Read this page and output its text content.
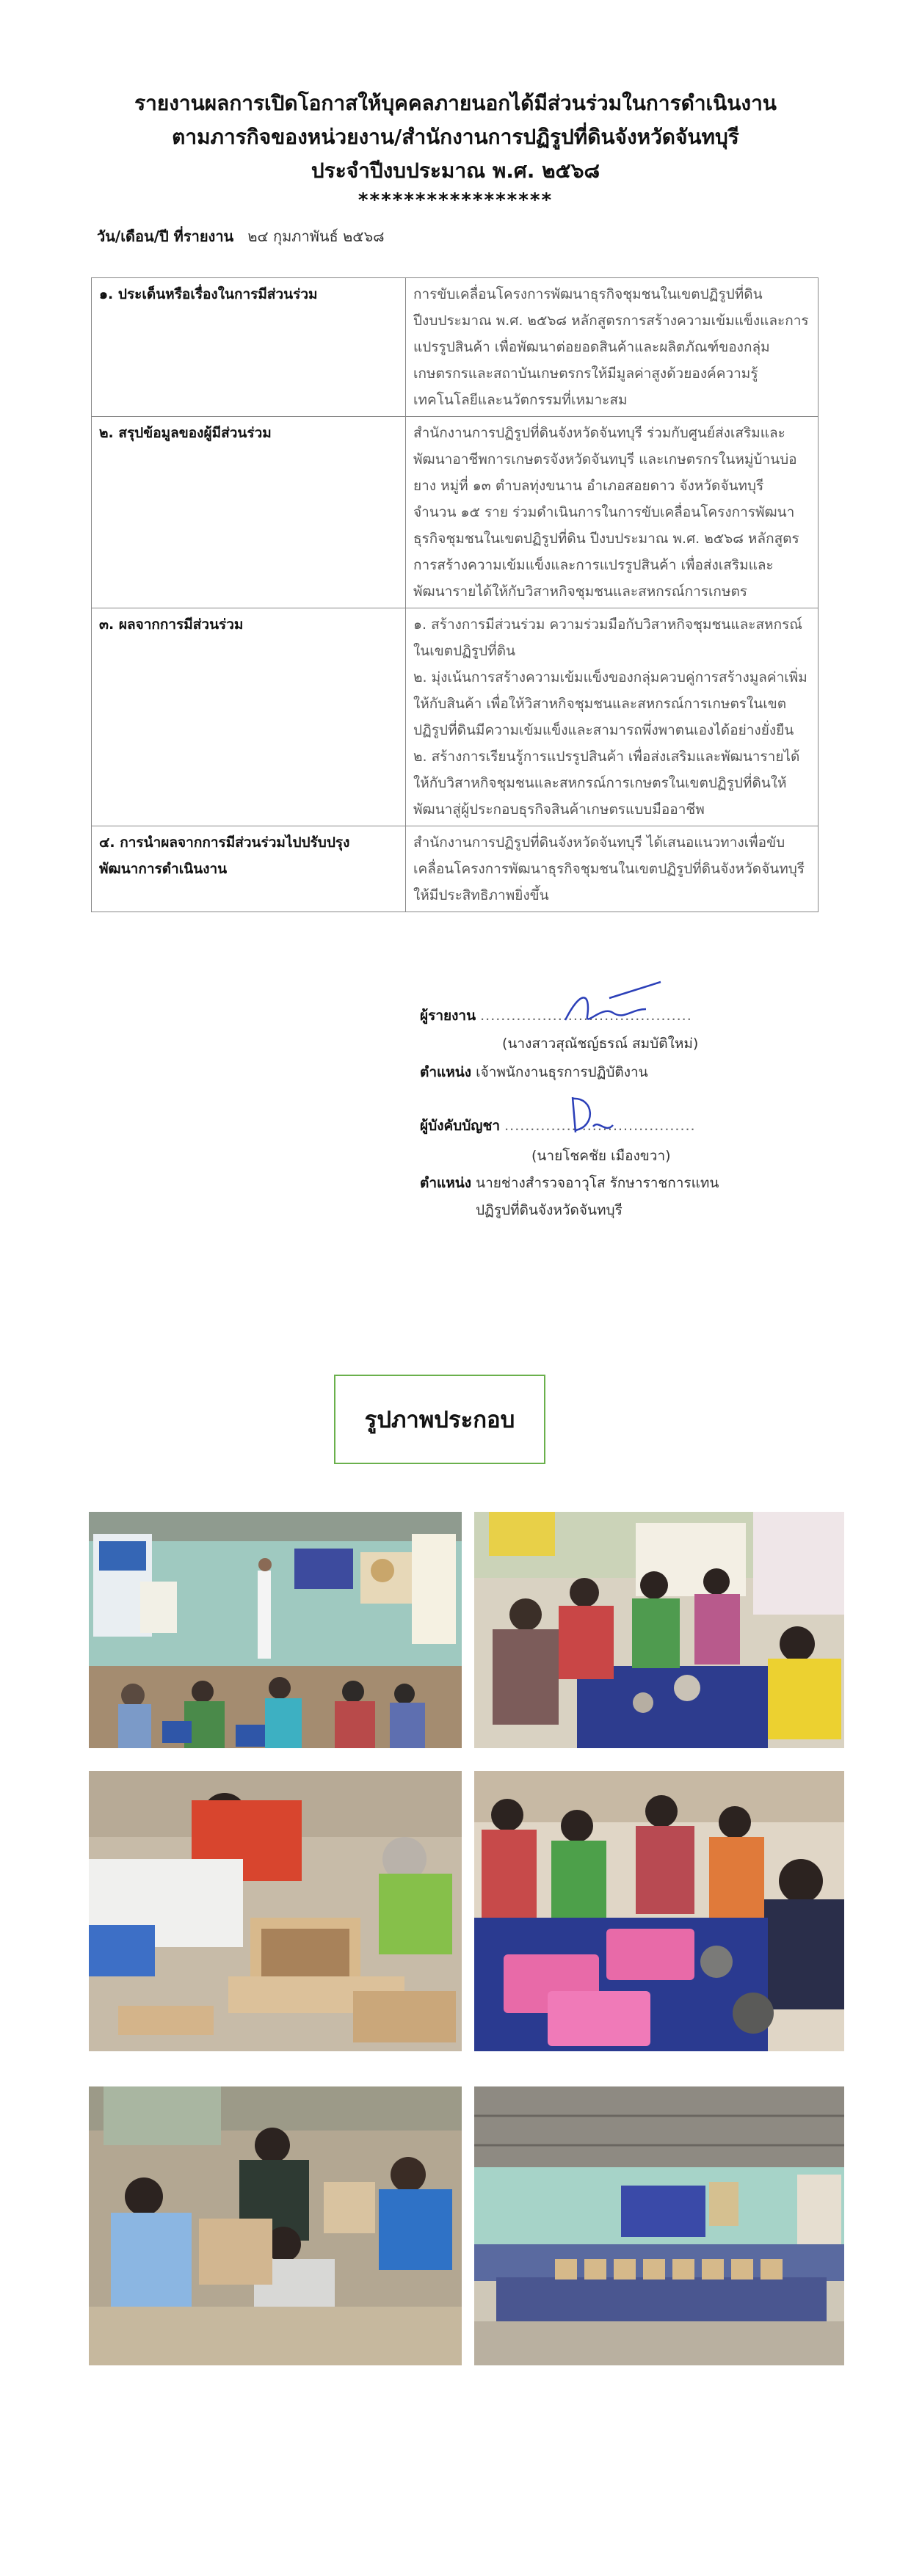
รายงานผลการเปิดโอกาสให้บุคคลภายนอกได้มีส่วนร่วมในการดำเนินงาน
ตามภารกิจของหน่วยงาน/สำนักงานการปฏิรูปที่ดินจังหวัดจันทบุรี
ประจำปีงบประมาณ พ.ศ. ๒๕๖๘
*****************
วัน/เดือน/ปี ที่รายงาน ๒๔ กุมภาพันธ์ ๒๕๖๘
๑. ประเด็นหรือเรื่องในการมีส่วนร่วม	การขับเคลื่อนโครงการพัฒนาธุรกิจชุมชนในเขตปฏิรูปที่ดิน ปีงบประมาณ พ.ศ. ๒๕๖๘ หลักสูตรการสร้างความเข้มแข็งและการแปรรูปสินค้า เพื่อพัฒนาต่อยอดสินค้าและผลิตภัณฑ์ของกลุ่มเกษตรกรและสถาบันเกษตรกรให้มีมูลค่าสูงด้วยองค์ความรู้เทคโนโลยีและนวัตกรรมที่เหมาะสม

๒. สรุปข้อมูลของผู้มีส่วนร่วม	สำนักงานการปฏิรูปที่ดินจังหวัดจันทบุรี ร่วมกับศูนย์ส่งเสริมและพัฒนาอาชีพการเกษตรจังหวัดจันทบุรี และเกษตรกรในหมู่บ้านบ่อยาง หมู่ที่ ๑๓ ตำบลทุ่งขนาน อำเภอสอยดาว จังหวัดจันทบุรี จำนวน ๑๕ ราย ร่วมดำเนินการในการขับเคลื่อนโครงการพัฒนาธุรกิจชุมชนในเขตปฏิรูปที่ดิน ปีงบประมาณ พ.ศ. ๒๕๖๘ หลักสูตรการสร้างความเข้มแข็งและการแปรรูปสินค้า เพื่อส่งเสริมและพัฒนารายได้ให้กับวิสาหกิจชุมชนและสหกรณ์การเกษตร

๓. ผลจากการมีส่วนร่วม	๑. สร้างการมีส่วนร่วม ความร่วมมือกับวิสาหกิจชุมชนและสหกรณ์ในเขตปฏิรูปที่ดิน

๒. มุ่งเน้นการสร้างความเข้มแข็งของกลุ่มควบคู่การสร้างมูลค่าเพิ่มให้กับสินค้า เพื่อให้วิสาหกิจชุมชนและสหกรณ์การเกษตรในเขตปฏิรูปที่ดินมีความเข้มแข็งและสามารถพึ่งพาตนเองได้อย่างยั่งยืน

๒. สร้างการเรียนรู้การแปรรูปสินค้า เพื่อส่งเสริมและพัฒนารายได้ให้กับวิสาหกิจชุมชนและสหกรณ์การเกษตรในเขตปฏิรูปที่ดินให้พัฒนาสู่ผู้ประกอบธุรกิจสินค้าเกษตรแบบมืออาชีพ

๔. การนำผลจากการมีส่วนร่วมไปปรับปรุงพัฒนาการดำเนินงาน	สำนักงานการปฏิรูปที่ดินจังหวัดจันทบุรี ได้เสนอแนวทางเพื่อขับเคลื่อนโครงการพัฒนาธุรกิจชุมชนในเขตปฏิรูปที่ดินจังหวัดจันทบุรี ให้มีประสิทธิภาพยิ่งขึ้น

ผู้รายงาน .........................................
(นางสาวสุณัชญ์ธรณ์ สมบัติใหม่)
ตำแหน่ง เจ้าพนักงานธุรการปฏิบัติงาน
ผู้บังคับบัญชา .....................................
(นายโชคชัย เมืองขวา)
ตำแหน่ง นายช่างสำรวจอาวุโส รักษาราชการแทน
ปฏิรูปที่ดินจังหวัดจันทบุรี
รูปภาพประกอบ
